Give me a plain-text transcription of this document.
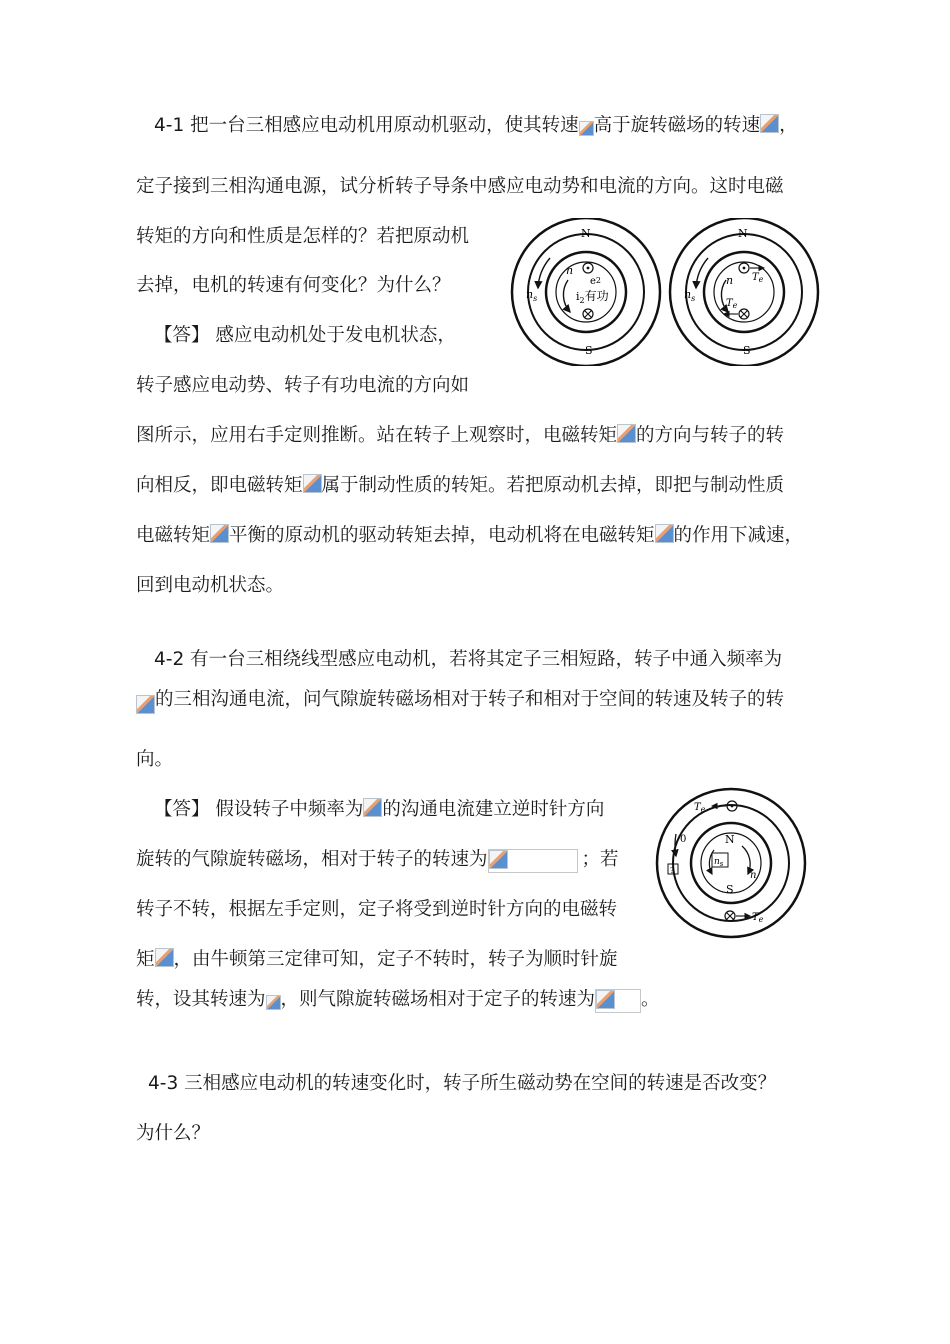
4-1 把一台三相感应电动机用原动机驱动，使其转速 高于旋转磁场的转速 ，
定子接到三相沟通电源，试分析转子导条中感应电动势和电流的方向。这时电磁
转矩的方向和性质是怎样的？若把原动机
去掉，电机的转速有何变化？为什么？
【答】 感应电动机处于发电机状态，
转子感应电动势、转子有功电流的方向如
图所示，应用右手定则推断。站在转子上观察时，电磁转矩 的方向与转子的转
向相反，即电磁转矩 属于制动性质的转矩。若把原动机去掉，即把与制动性质
电磁转矩 平衡的原动机的驱动转矩去掉，电动机将在电磁转矩 的作用下减速，
回到电动机状态。
N
S
$n_s$
n
e2
$i_2$有功
N
S
$n_s$
n $T_e$
$T_e$
4-2 有一台三相绕线型感应电动机，若将其定子三相短路，转子中通入频率为
的三相沟通电流，问气隙旋转磁场相对于转子和相对于空间的转速及转子的转
向。
【答】 假设转子中频率为 的沟通电流建立逆时针方向
旋转的气隙旋转磁场，相对于转子的转速为	；若
转子不转，根据左手定则，定子将受到逆时针方向的电磁转
矩 ，由牛顿第三定律可知，定子不转时，转子为顺时针旋
转，设其转速为 ，则气隙旋转磁场相对于定子的转速为 。
?
$T_e$
$T_e$
0	N
S
$n_s$
n
4-3 三相感应电动机的转速变化时，转子所生磁动势在空间的转速是否改变？
为什么？
